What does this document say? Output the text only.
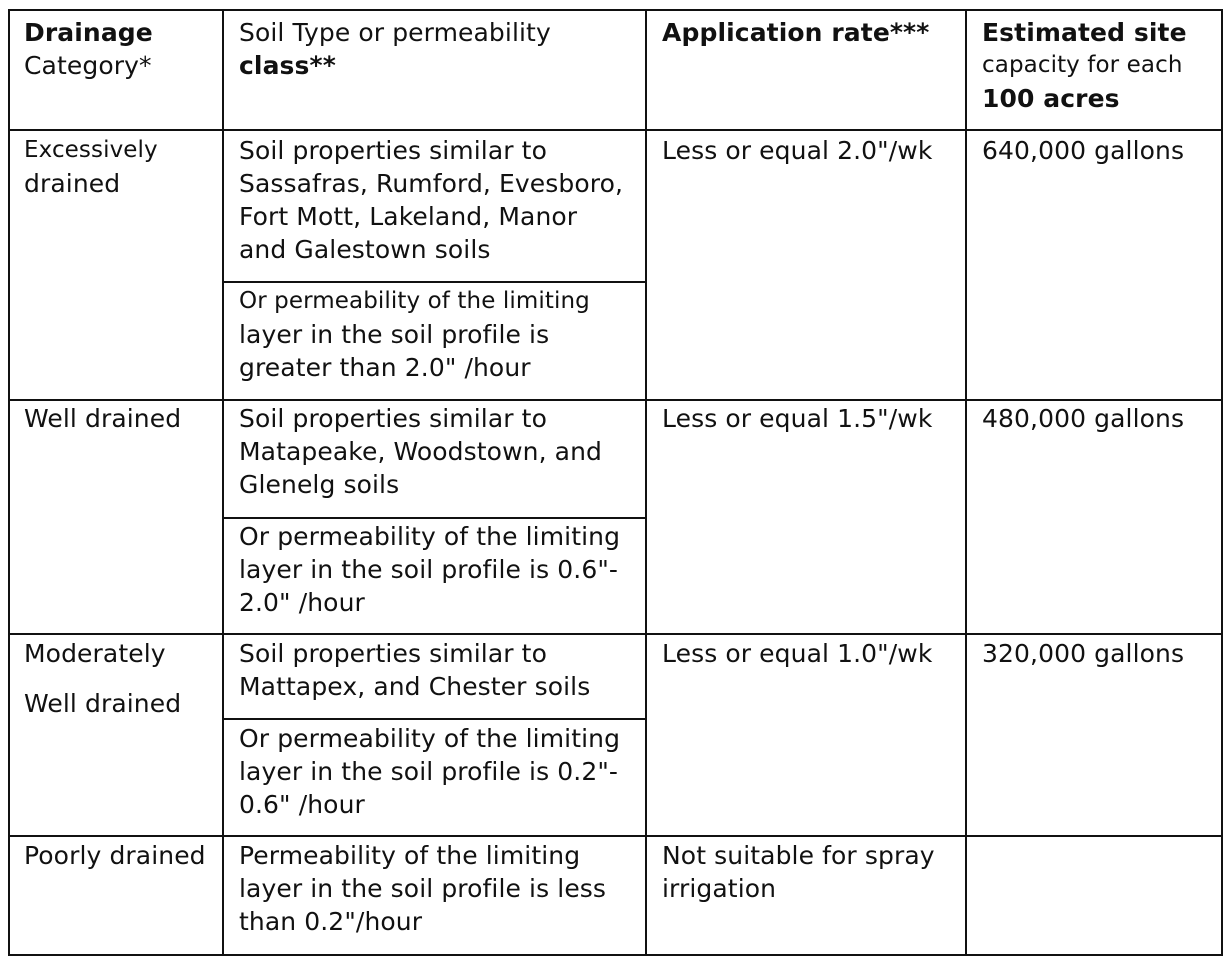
Drainage
Category*
Soil Type or permeability
class**
Application rate*** Estimated site
capacity for each
100 acres
Excessively
drained
Soil properties similar to
Sassafras, Rumford, Evesboro,
Fort Mott, Lakeland, Manor
and Galestown soils
Or permeability of the limiting
layer in the soil profile is
greater than 2.0" /hour
Less or equal 2.0"/wk 640,000 gallons
Well drained Soil properties similar to
Matapeake, Woodstown, and
Glenelg soils
Or permeability of the limiting
layer in the soil profile is 0.6"-
2.0" /hour
Less or equal 1.5"/wk 480,000 gallons
Moderately
Well drained
Soil properties similar to
Mattapex, and Chester soils
Or permeability of the limiting
layer in the soil profile is 0.2"-
0.6" /hour
Less or equal 1.0"/wk 320,000 gallons
Poorly drained Permeability of the limiting
layer in the soil profile is less
than 0.2"/hour
Not suitable for spray
irrigation
